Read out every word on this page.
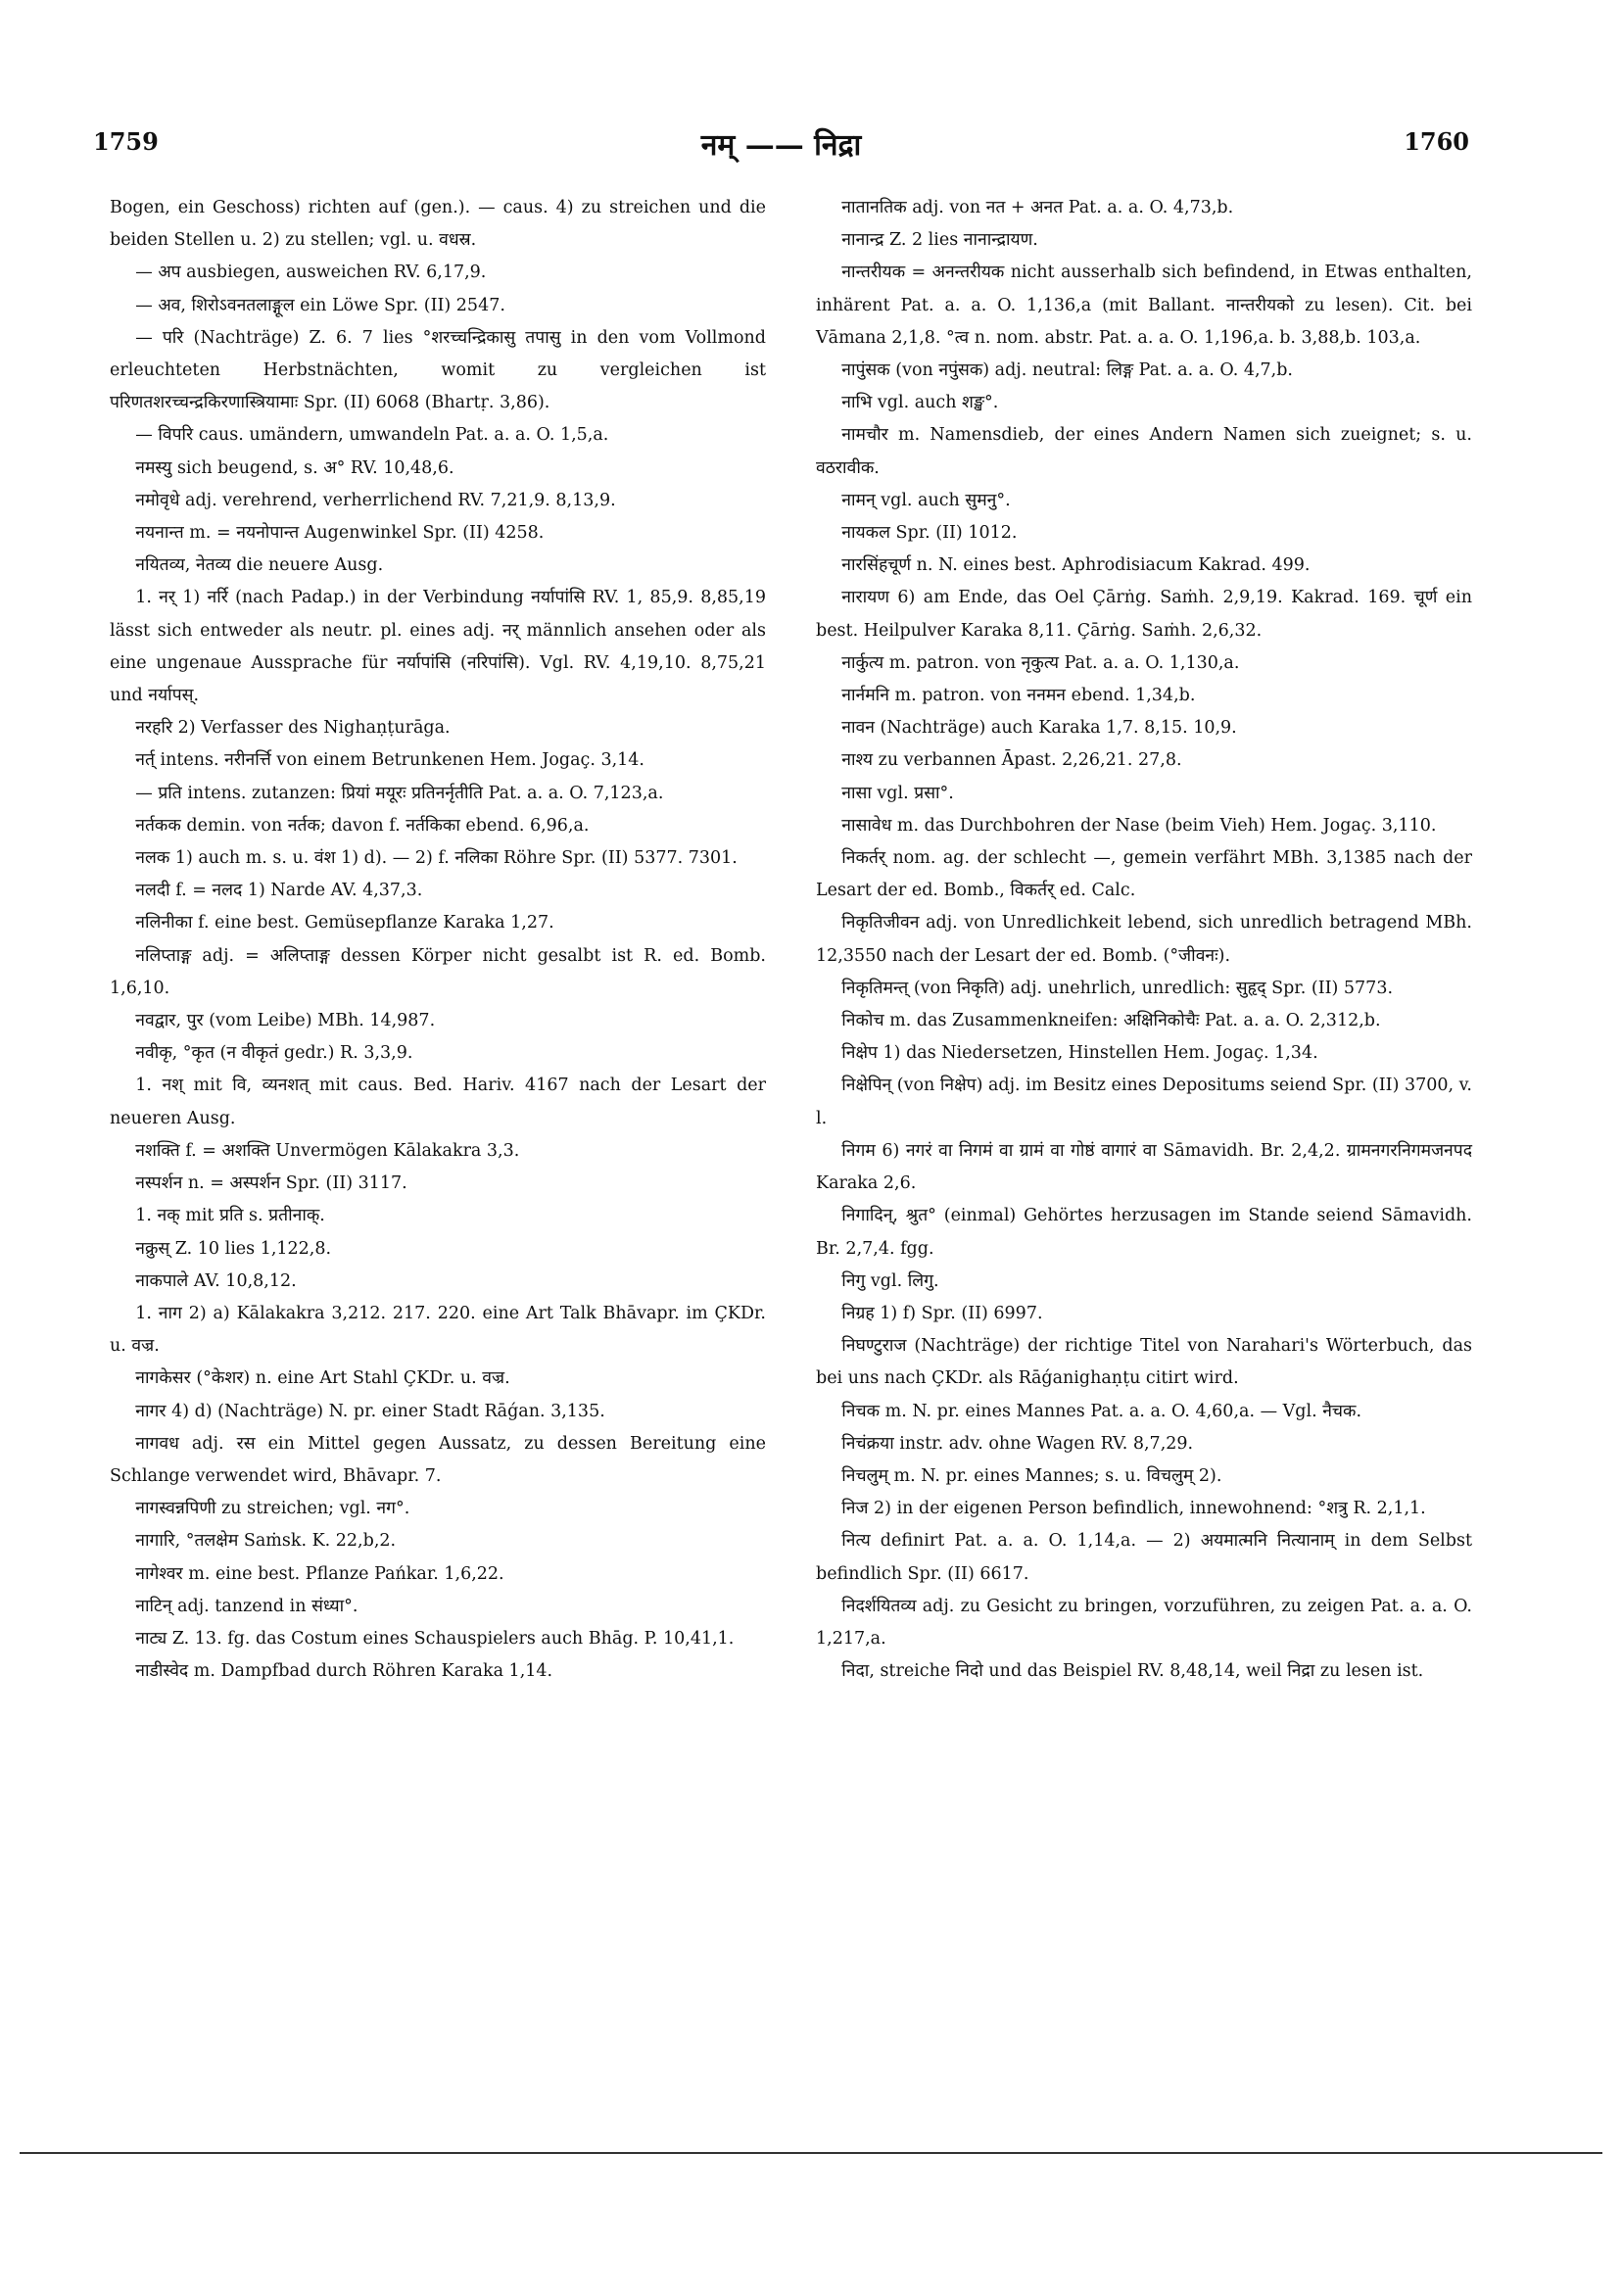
1759	नम् —— निद्रा	1760

Bogen, ein Geschoss) richten auf (gen.). — caus. 4) zu streichen und die beiden Stellen u. 2) zu stellen; vgl. u. वधस्र.

— अप ausbiegen, ausweichen RV. 6,17,9.

— अव, शिरोऽवनतलाङ्गूल ein Löwe Spr. (II) 2547.

— परि (Nachträge) Z. 6. 7 lies °शरच्चन्द्रिकासु तपासु in den vom Vollmond erleuchteten Herbstnächten, womit zu vergleichen ist परिणतशरच्चन्द्रकिरणास्त्रियामाः Spr. (II) 6068 (Bhartṛ. 3,86).

— विपरि caus. umändern, umwandeln Pat. a. a. O. 1,5,a.

नमस्यु sich beugend, s. अ° RV. 10,48,6.

नमोवृधे adj. verehrend, verherrlichend RV. 7,21,9. 8,13,9.

नयनान्त m. = नयनोपान्त Augenwinkel Spr. (II) 4258.

नयितव्य, नेतव्य die neuere Ausg.

1. नर् 1) नर्रि (nach Padap.) in der Verbindung नर्यापांसि RV. 1, 85,9. 8,85,19 lässt sich entweder als neutr. pl. eines adj. नर् männlich ansehen oder als eine ungenaue Aussprache für नर्यापांसि (नरिपांसि). Vgl. RV. 4,19,10. 8,75,21 und नर्यापस्.

नरहरि 2) Verfasser des Nighaṇṭurāga.

नर्त् intens. नरीनर्त्ति von einem Betrunkenen Hem. Jogaç. 3,14.

— प्रति intens. zutanzen: प्रियां मयूरः प्रतिनर्नृतीति Pat. a. a. O. 7,123,a.

नर्तकक demin. von नर्तक; davon f. नर्तकिका ebend. 6,96,a.

नलक 1) auch m. s. u. वंश 1) d). — 2) f. नलिका Röhre Spr. (II) 5377. 7301.

नलदी f. = नलद 1) Narde AV. 4,37,3.

नलिनीका f. eine best. Gemüsepflanze Karaka 1,27.

नलिप्ताङ्ग adj. = अलिप्ताङ्ग dessen Körper nicht gesalbt ist R. ed. Bomb. 1,6,10.

नवद्वार, पुर (vom Leibe) MBh. 14,987.

नवीकृ, °कृत (न वीकृतं gedr.) R. 3,3,9.

1. नश् mit वि, व्यनशत् mit caus. Bed. Hariv. 4167 nach der Lesart der neueren Ausg.

नशक्ति f. = अशक्ति Unvermögen Kālakakra 3,3.

नस्पर्शन n. = अस्पर्शन Spr. (II) 3117.

1. नक् mit प्रति s. प्रतीनाक्.

नक्रुस् Z. 10 lies 1,122,8.

नाकपाले AV. 10,8,12.

1. नाग 2) a) Kālakakra 3,212. 217. 220. eine Art Talk Bhāvapr. im ÇKDr. u. वज्र.

नागकेसर (°केशर) n. eine Art Stahl ÇKDr. u. वज्र.

नागर 4) d) (Nachträge) N. pr. einer Stadt Rāǵan. 3,135.

नागवध adj. रस ein Mittel gegen Aussatz, zu dessen Bereitung eine Schlange verwendet wird, Bhāvapr. 7.

नागस्वन्नपिणी zu streichen; vgl. नग°.

नागारि, °तलक्षेम Saṁsk. K. 22,b,2.

नागेश्वर m. eine best. Pflanze Pańkar. 1,6,22.

नाटिन् adj. tanzend in संध्या°.

नाट्य Z. 13. fg. das Costum eines Schauspielers auch Bhāg. P. 10,41,1.

नाडीस्वेद m. Dampfbad durch Röhren Karaka 1,14.

नातानतिक adj. von नत + अनत Pat. a. a. O. 4,73,b.

नानान्द्र Z. 2 lies नानान्द्रायण.

नान्तरीयक = अनन्तरीयक nicht ausserhalb sich befindend, in Etwas enthalten, inhärent Pat. a. a. O. 1,136,a (mit Ballant. नान्तरीयको zu lesen). Cit. bei Vāmana 2,1,8. °त्व n. nom. abstr. Pat. a. a. O. 1,196,a. b. 3,88,b. 103,a.

नापुंसक (von नपुंसक) adj. neutral: लिङ्ग Pat. a. a. O. 4,7,b.

नाभि vgl. auch शङ्ख°.

नामचौर m. Namensdieb, der eines Andern Namen sich zueignet; s. u. वठरावीक.

नामन् vgl. auch सुमनु°.

नायकल Spr. (II) 1012.

नारसिंहचूर्ण n. N. eines best. Aphrodisiacum Kakrad. 499.

नारायण 6) am Ende, das Oel Çārṅg. Saṁh. 2,9,19. Kakrad. 169. चूर्ण ein best. Heilpulver Karaka 8,11. Çārṅg. Saṁh. 2,6,32.

नार्कुत्य m. patron. von नृकुत्य Pat. a. a. O. 1,130,a.

नार्नमनि m. patron. von ननमन ebend. 1,34,b.

नावन (Nachträge) auch Karaka 1,7. 8,15. 10,9.

नाश्य zu verbannen Āpast. 2,26,21. 27,8.

नासा vgl. प्रसा°.

नासावेध m. das Durchbohren der Nase (beim Vieh) Hem. Jogaç. 3,110.

निकर्तर् nom. ag. der schlecht —, gemein verfährt MBh. 3,1385 nach der Lesart der ed. Bomb., विकर्तर् ed. Calc.

निकृतिजीवन adj. von Unredlichkeit lebend, sich unredlich betragend MBh. 12,3550 nach der Lesart der ed. Bomb. (°जीवनः).

निकृतिमन्त् (von निकृति) adj. unehrlich, unredlich: सुहृद् Spr. (II) 5773.

निकोच m. das Zusammenkneifen: अक्षिनिकोचैः Pat. a. a. O. 2,312,b.

निक्षेप 1) das Niedersetzen, Hinstellen Hem. Jogaç. 1,34.

निक्षेपिन् (von निक्षेप) adj. im Besitz eines Depositums seiend Spr. (II) 3700, v. l.

निगम 6) नगरं वा निगमं वा ग्रामं वा गोष्ठं वागारं वा Sāmavidh. Br. 2,4,2. ग्रामनगरनिगमजनपद Karaka 2,6.

निगादिन्, श्रुत° (einmal) Gehörtes herzusagen im Stande seiend Sāmavidh. Br. 2,7,4. fgg.

निगु vgl. लिगु.

निग्रह 1) f) Spr. (II) 6997.

निघण्टुराज (Nachträge) der richtige Titel von Narahari's Wörterbuch, das bei uns nach ÇKDr. als Rāǵanighaṇṭu citirt wird.

निचक m. N. pr. eines Mannes Pat. a. a. O. 4,60,a. — Vgl. नैचक.

निचंक्रया instr. adv. ohne Wagen RV. 8,7,29.

निचलुम् m. N. pr. eines Mannes; s. u. विचलुम् 2).

निज 2) in der eigenen Person befindlich, innewohnend: °शत्रु R. 2,1,1.

नित्य definirt Pat. a. a. O. 1,14,a. — 2) अयमात्मनि नित्यानाम् in dem Selbst befindlich Spr. (II) 6617.

निदर्शयितव्य adj. zu Gesicht zu bringen, vorzuführen, zu zeigen Pat. a. a. O. 1,217,a.

निदा, streiche निदो und das Beispiel RV. 8,48,14, weil निद्रा zu lesen ist.
